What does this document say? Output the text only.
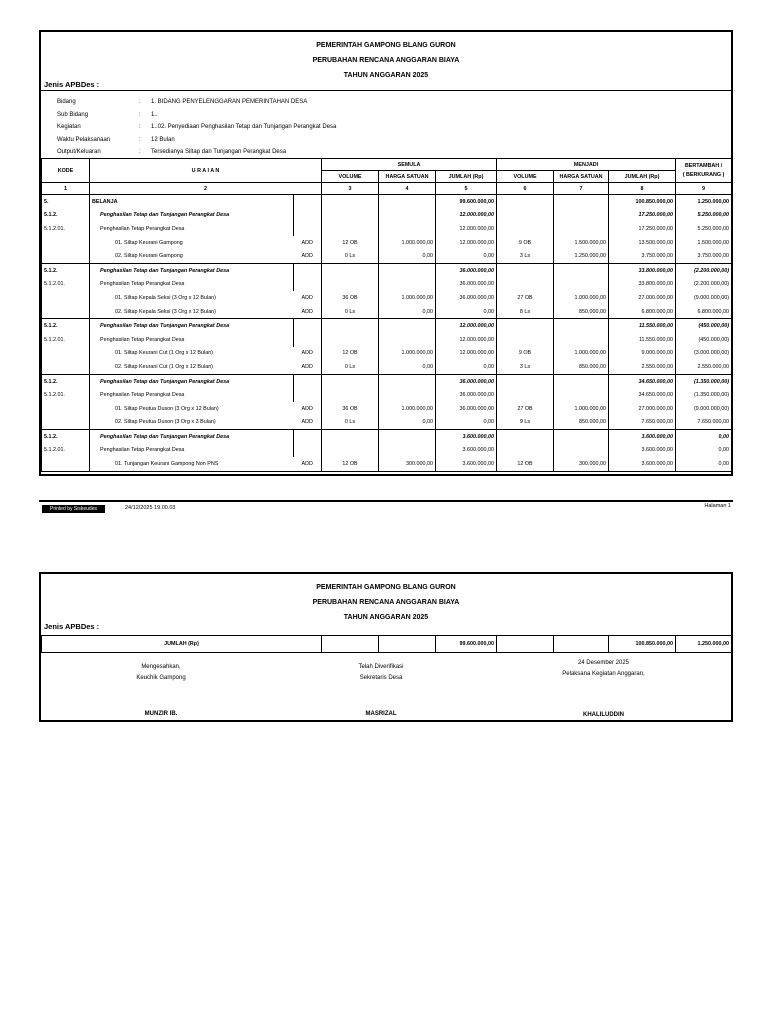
PEMERINTAH GAMPONG BLANG GURON
PERUBAHAN RENCANA ANGGARAN BIAYA
TAHUN ANGGARAN 2025
Jenis APBDes :
Bidang	: 1. BIDANG PENYELENGGARAN PEMERINTAHAN DESA
Sub Bidang	: 1..
Kegiatan	: 1..02. Penyediaan Penghasilan Tetap dan Tunjangan Perangkat Desa
Waktu Pelaksanaan	: 12 Bulan
Output/Keluaran	: Tersedianya Siltap dan Tunjangan Perangkat Desa
KODE	U R A I A N		SEMULA			MENJADI			BERTAMBAH /
( BERKURANG )

			VOLUME	HARGA SATUAN	JUMLAH (Rp)	VOLUME	HARGA SATUAN	JUMLAH (Rp)	
1	2		3	4	5	6	7	8	9
5.	BELANJA				99.600.000,00			100.850.000,00	1.250.000,00
5.1.2.	Penghasilan Tetap dan Tunjangan Perangkat Desa				12.000.000,00			17.250.000,00	5.250.000,00
5.1.2.01.	Penghasilan Tetap Perangkat Desa				12.000.000,00			17.250.000,00	5.250.000,00
	01. Siltap Keurani Gampong	ADD	12 OB	1.000.000,00	12.000.000,00	9 OB	1.500.000,00	13.500.000,00	1.500.000,00
	02. Siltap Keurani Gampong	ADD	0 Ls	0,00	0,00	3 Ls	1.250.000,00	3.750.000,00	3.750.000,00
5.1.2.	Penghasilan Tetap dan Tunjangan Perangkat Desa				36.000.000,00			33.800.000,00	(2.200.000,00)
5.1.2.01.	Penghasilan Tetap Perangkat Desa				36.000.000,00			33.800.000,00	(2.200.000,00)
	01. Siltap Kepala Seksi (3 Org x 12 Bulan)	ADD	36 OB	1.000.000,00	36.000.000,00	27 OB	1.000.000,00	27.000.000,00	(9.000.000,00)
	02. Siltap Kepala Seksi (3 Org x 12 Bulan)	ADD	0 Ls	0,00	0,00	8 Ls	850.000,00	6.800.000,00	6.800.000,00
5.1.2.	Penghasilan Tetap dan Tunjangan Perangkat Desa				12.000.000,00			11.550.000,00	(450.000,00)
5.1.2.01.	Penghasilan Tetap Perangkat Desa				12.000.000,00			11.550.000,00	(450.000,00)
	01. Siltap Keurani Cut (1 Org x 12 Bulan)	ADD	12 OB	1.000.000,00	12.000.000,00	9 OB	1.000.000,00	9.000.000,00	(3.000.000,00)
	02. Siltap Keurani Cut (1 Org x 12 Bulan)	ADD	0 Ls	0,00	0,00	3 Ls	850.000,00	2.550.000,00	2.550.000,00
5.1.2.	Penghasilan Tetap dan Tunjangan Perangkat Desa				36.000.000,00			34.650.000,00	(1.350.000,00)
5.1.2.01.	Penghasilan Tetap Perangkat Desa				36.000.000,00			34.650.000,00	(1.350.000,00)
	01. Siltap Peutua Duson (3 Org x 12 Bulan)	ADD	36 OB	1.000.000,00	36.000.000,00	27 OB	1.000.000,00	27.000.000,00	(9.000.000,00)
	02. Siltap Peutua Duson (3 Org x 3 Bulan)	ADD	0 Ls	0,00	0,00	9 Ls	850.000,00	7.650.000,00	7.650.000,00
5.1.2.	Penghasilan Tetap dan Tunjangan Perangkat Desa				3.600.000,00			3.600.000,00	0,00
5.1.2.01.	Penghasilan Tetap Perangkat Desa				3.600.000,00			3.600.000,00	0,00
	01. Tunjangan Keurani Gampong Non PNS	ADD	12 OB	300.000,00	3.600.000,00	12 OB	300.000,00	3.600.000,00	0,00
Printed by Siskeudes	24/12/2025 19.00.03	Halaman 1
PEMERINTAH GAMPONG BLANG GURON
PERUBAHAN RENCANA ANGGARAN BIAYA
TAHUN ANGGARAN 2025
Jenis APBDes :
JUMLAH (Rp)			99.600.000,00			100.850.000,00	1.250.000,00
Mengesahkan,
Keuchik Gampong
MUNZIR IB.
Telah Diverifikasi
Sekretaris Desa
MASRIZAL
24 Desember 2025
Pelaksana Kegiatan Anggaran,
KHALILUDDIN
